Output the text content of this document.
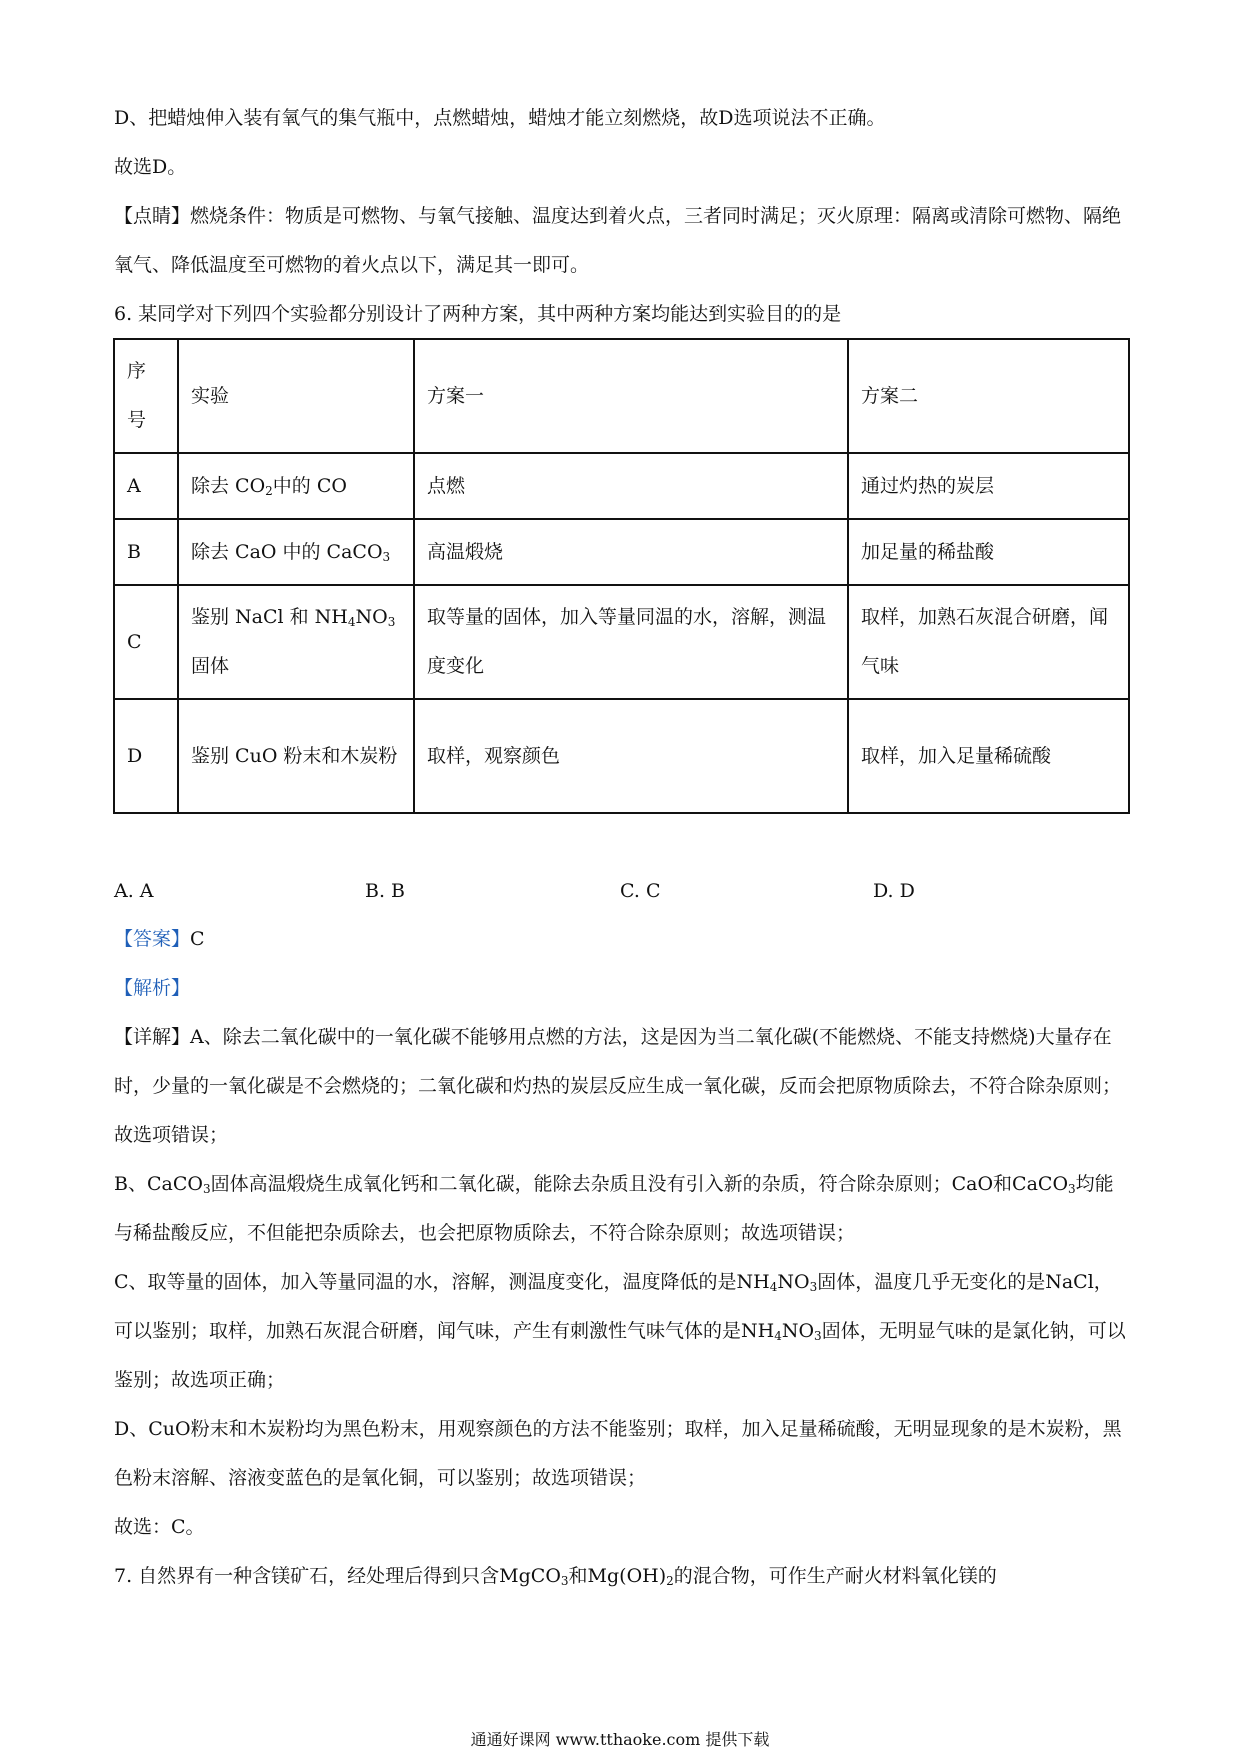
D、把蜡烛伸入装有氧气的集气瓶中，点燃蜡烛，蜡烛才能立刻燃烧，故D选项说法不正确。

故选D。

【点睛】燃烧条件：物质是可燃物、与氧气接触、温度达到着火点，三者同时满足；灭火原理：隔离或清除可燃物、隔绝氧气、降低温度至可燃物的着火点以下，满足其一即可。

6. 某同学对下列四个实验都分别设计了两种方案，其中两种方案均能达到实验目的的是

序号	实验	方案一	方案二
A	除去 $CO_2$中的 CO	点燃	通过灼热的炭层
B	除去 CaO 中的 CaCO$_3$	高温煅烧	加足量的稀盐酸
C	鉴别 NaCl 和 $NH_4NO_3$固体	取等量的固体，加入等量同温的水，溶解，测温度变化	取样，加熟石灰混合研磨，闻气味
D	鉴别 CuO 粉末和木炭粉	取样，观察颜色	取样，加入足量稀硫酸
A. A	B. B	C. C	D. D

【答案】C

【解析】

【详解】A、除去二氧化碳中的一氧化碳不能够用点燃的方法，这是因为当二氧化碳(不能燃烧、不能支持燃烧)大量存在时，少量的一氧化碳是不会燃烧的；二氧化碳和灼热的炭层反应生成一氧化碳，反而会把原物质除去，不符合除杂原则；故选项错误；

B、CaCO$_3$固体高温煅烧生成氧化钙和二氧化碳，能除去杂质且没有引入新的杂质，符合除杂原则；CaO和CaCO$_3$均能与稀盐酸反应，不但能把杂质除去，也会把原物质除去，不符合除杂原则；故选项错误；

C、取等量的固体，加入等量同温的水，溶解，测温度变化，温度降低的是$NH_4NO_3$固体，温度几乎无变化的是NaCl，可以鉴别；取样，加熟石灰混合研磨，闻气味，产生有刺激性气味气体的是$NH_4NO_3$固体，无明显气味的是氯化钠，可以鉴别；故选项正确；

D、CuO粉末和木炭粉均为黑色粉末，用观察颜色的方法不能鉴别；取样，加入足量稀硫酸，无明显现象的是木炭粉，黑色粉末溶解、溶液变蓝色的是氧化铜，可以鉴别；故选项错误；

故选：C。

7. 自然界有一种含镁矿石，经处理后得到只含MgCO$_3$和$Mg(OH)_2$的混合物，可作生产耐火材料氧化镁的

通通好课网 www.tthaoke.com 提供下载
